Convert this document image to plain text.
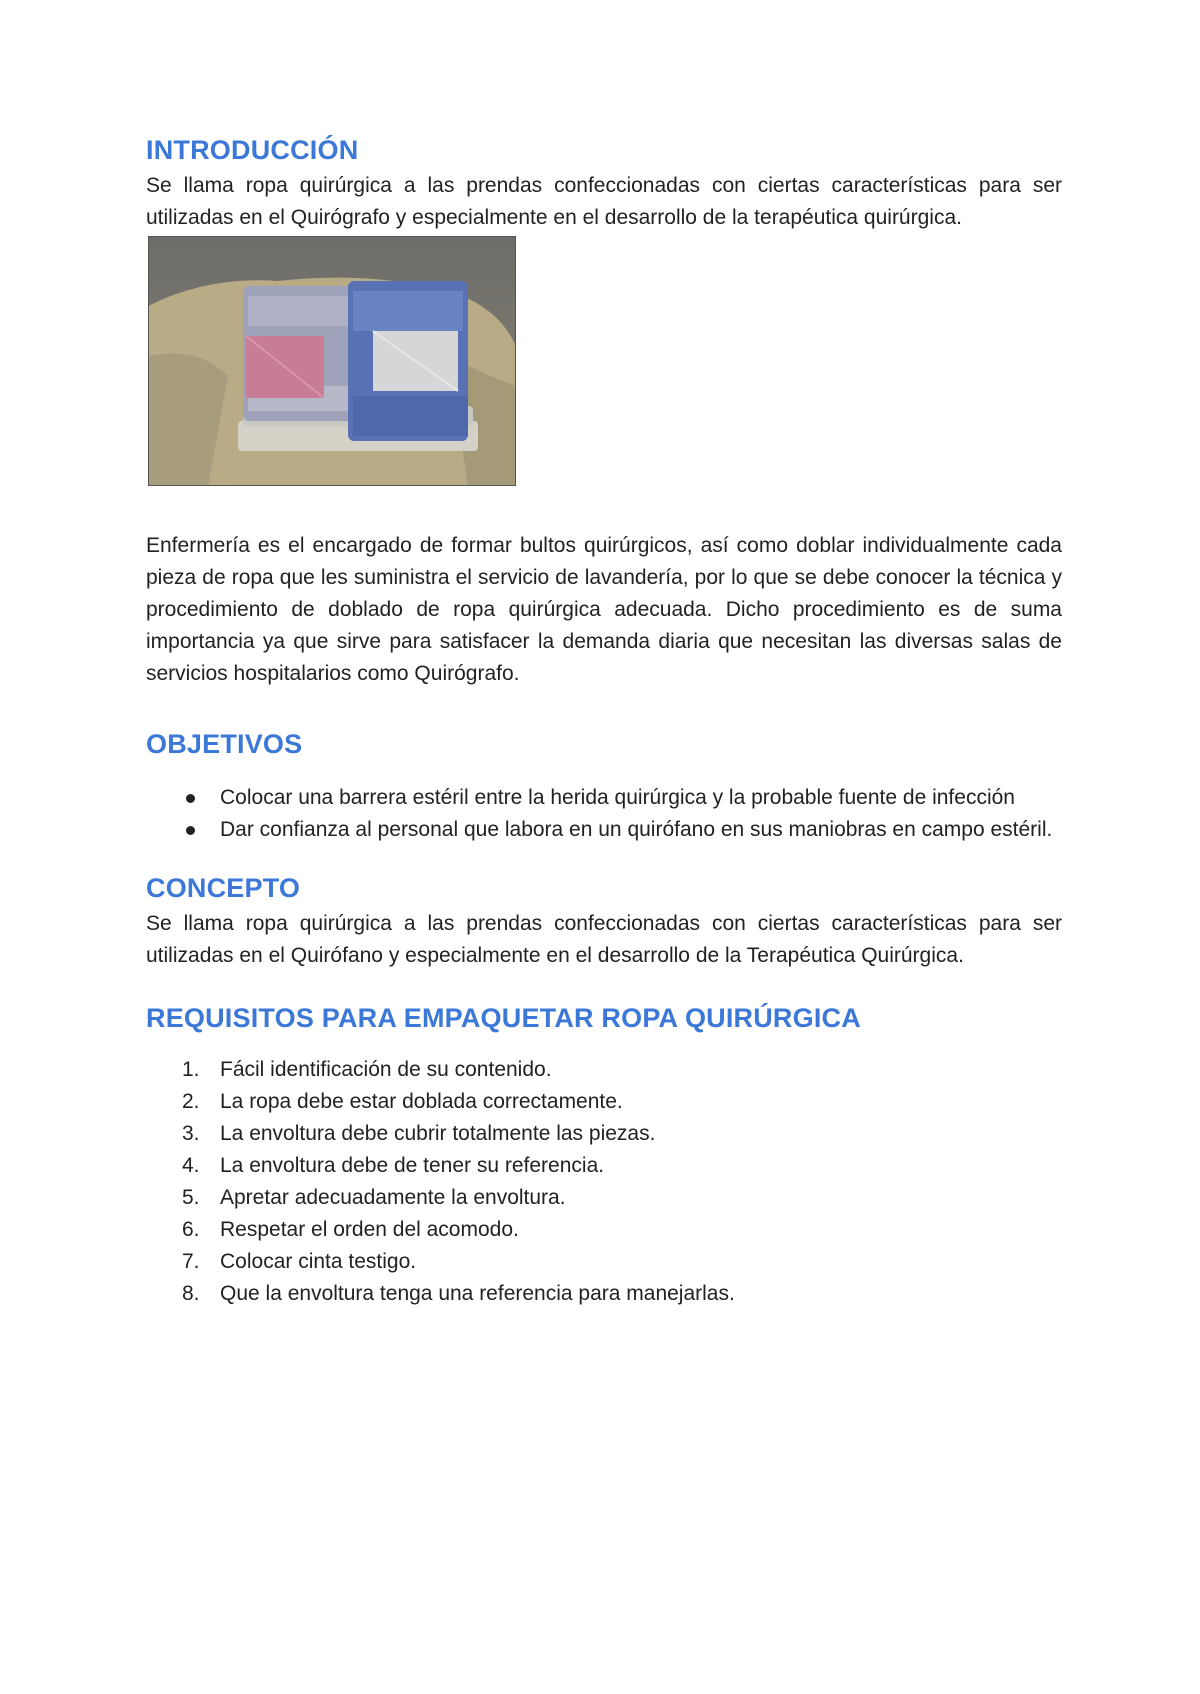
INTRODUCCIÓN

Se llama ropa quirúrgica a las prendas confeccionadas con ciertas características para ser utilizadas en el Quirógrafo y especialmente en el desarrollo de la terapéutica quirúrgica.

Enfermería es el encargado de formar bultos quirúrgicos, así como doblar individualmente cada pieza de ropa que les suministra el servicio de lavandería, por lo que se debe conocer la técnica y procedimiento de doblado de ropa quirúrgica adecuada. Dicho procedimiento es de suma importancia ya que sirve para satisfacer la demanda diaria que necesitan las diversas salas de servicios hospitalarios como Quirógrafo.

OBJETIVOS
Colocar una barrera estéril entre la herida quirúrgica y la probable fuente de infección
Dar confianza al personal que labora en un quirófano en sus maniobras en campo estéril.
CONCEPTO

Se llama ropa quirúrgica a las prendas confeccionadas con ciertas características para ser utilizadas en el Quirófano y especialmente en el desarrollo de la Terapéutica Quirúrgica.

REQUISITOS PARA EMPAQUETAR ROPA QUIRÚRGICA
1. Fácil identificación de su contenido.
2. La ropa debe estar doblada correctamente.
3. La envoltura debe cubrir totalmente las piezas.
4. La envoltura debe de tener su referencia.
5. Apretar adecuadamente la envoltura.
6. Respetar el orden del acomodo.
7. Colocar cinta testigo.
8. Que la envoltura tenga una referencia para manejarlas.
